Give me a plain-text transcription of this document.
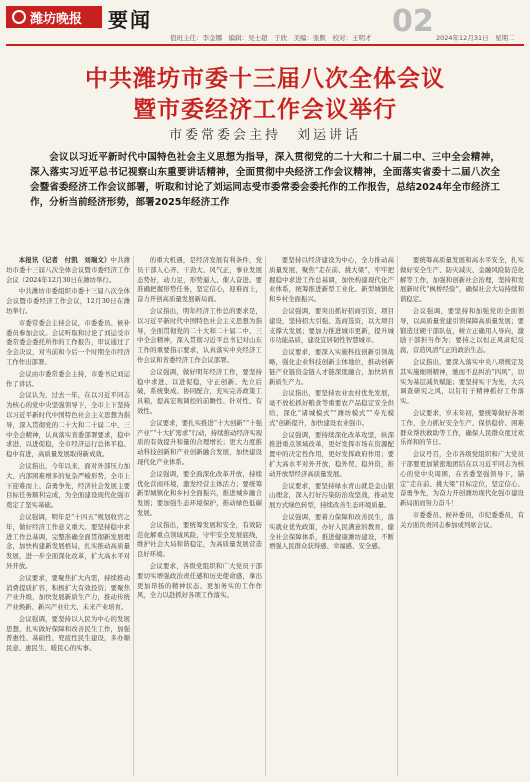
潍坊晚报 要闻	02
值班主任：李金娜　编辑：吴士超　于欣　美编：张默　校对：王明才	2024年12月31日　星期二
中共潍坊市委十三届八次全体会议
暨市委经济工作会议举行
市委常委会主持　刘运讲话
会议以习近平新时代中国特色社会主义思想为指导，深入贯彻党的二十大和二十届二中、三中全会精神，深入落实习近平总书记视察山东重要讲话精神，全面贯彻中央经济工作会议精神，全面落实省委十二届八次全会暨省委经济工作会议部署，听取和讨论了刘运同志受市委常委会委托作的工作报告，总结2024年全市经济工作，分析当前经济形势，部署2025年经济工作

本报讯（记者　付凯　刘瑞文）中共潍坊市委十三届八次全体会议暨市委经济工作会议（2024年12月30日在潍坊举行。

中共潍坊市委组织市委十三届八次全体会议暨市委经济工作会议，12月30日在潍坊举行。

市委常委会主持会议，市委委员、候补委员参加会议。会议听取和讨论了刘运受市委常委会委托所作的工作报告，审议通过了全会决议，对当前和今后一个时期全市经济工作作出部署。

会议由市委常委会主持，市委书记刘运作了讲话。

会议认为，过去一年，在以习近平同志为核心的党中央坚强领导下，全市上下坚持以习近平新时代中国特色社会主义思想为指导，深入贯彻党的二十大和二十届二中、三中全会精神，认真落实省委部署要求，稳中求进、以进促稳，全市经济运行总体平稳、稳中有进，高质量发展取得新成效。

会议指出，今年以来，面对外部压力加大、内部困难增多的复杂严峻形势，全市上下迎难而上、奋勇争先，经济社会发展主要目标任务顺利完成，为全面建设现代化强市奠定了坚实基础。

会议强调，明年是“十四五”规划收官之年，做好经济工作意义重大。要坚持稳中求进工作总基调，完整准确全面贯彻新发展理念，加快构建新发展格局，扎实推动高质量发展，进一步全面深化改革，扩大高水平对外开放。

会议要求，要聚焦扩大内需，持续推动消费提质扩容，积极扩大有效投资；要聚焦产业升级，加快发展新质生产力，推动传统产业焕新、新兴产业壮大、未来产业培育。

会议强调，要坚持以人民为中心的发展思想，扎实做好保障和改善民生工作，加强普惠性、基础性、兜底性民生建设，多办顺民意、惠民生、暖民心的实事。

的重大机遇，是经济发展有利条件，党员干部人心齐、干劲大、风气正，事业发展态势好，动力足，形势逼人、催人奋进。要准确把握形势任务，坚定信心，迎难而上，奋力开创高质量发展新局面。

会议指出，明年经济工作总的要求是，以习近平新时代中国特色社会主义思想为指导，全面贯彻党的二十大和二十届二中、三中全会精神，深入贯彻习近平总书记对山东工作的重要指示要求，认真落实中央经济工作会议和省委经济工作会议部署。

会议强调，做好明年经济工作，要坚持稳中求进、以进促稳，守正创新、先立后破，系统集成、协同配合，充实完善政策工具箱，提高宏观调控的前瞻性、针对性、有效性。

会议要求，要扎实推进“十大创新”“十强产业”“十大扩需求”行动，持续推动经济实现质的有效提升和量的合理增长；更大力度推动科技创新和产业创新融合发展，加快建设现代化产业体系。

会议强调，要全面深化改革开放，持续优化营商环境，激发经营主体活力；要统筹新型城镇化和乡村全面振兴，推进城乡融合发展；要加强生态环境保护，推动绿色低碳发展。

会议指出，要统筹发展和安全，有效防范化解重点领域风险，守牢安全发展底线，维护社会大局和谐稳定，为高质量发展营造良好环境。

会议要求，各级党组织和广大党员干部要切实增强政治责任感和历史使命感，拿出更加昂扬的精神状态、更加务实的工作作风，全力以赴抓好各项工作落实。

要坚持以经济建设为中心，全力推动高质量发展，聚焦“走在前、挑大梁”，牢牢把握稳中求进工作总基调，加快构建现代化产业体系，统筹推进新型工业化、新型城镇化和乡村全面振兴。

会议强调，要突出抓好招商引资、项目建设，坚持招大引强、选商选资，以大项目支撑大发展；要加力推进城市更新，提升城市功能品质，建设宜居韧性智慧城市。

会议要求，要深入实施科技创新引领战略，强化企业科技创新主体地位，推动创新链产业链资金链人才链深度融合，加快培育新质生产力。

会议指出，要坚持农业农村优先发展，毫不放松抓好粮食等重要农产品稳定安全供给，深化“诸城模式”“潍坊模式”“寿光模式”创新提升，加快建设农业强市。

会议强调，要持续深化改革攻坚，纵深推进重点领域改革，更好发挥市场在资源配置中的决定性作用，更好发挥政府作用；要扩大高水平对外开放，稳外贸、稳外资，推动开放型经济高质量发展。

会议要求，要坚持绿水青山就是金山银山理念，深入打好污染防治攻坚战，推动发展方式绿色转型，持续改善生态环境质量。

会议强调，要着力保障和改善民生，落实就业优先政策，办好人民满意的教育，健全社会保障体系，推进健康潍坊建设，不断增强人民群众获得感、幸福感、安全感。

要统筹高质量发展和高水平安全，扎实做好安全生产、防灾减灾、金融风险防范化解等工作，加强和创新社会治理，坚持和发展新时代“枫桥经验”，确保社会大局持续和谐稳定。

会议强调，要坚持和加强党的全面领导，以高质量党建引领保障高质量发展；要锻造过硬干部队伍，树立正确用人导向，激励干部担当作为；要持之以恒正风肃纪反腐，营造风清气正的政治生态。

会议指出，要深入落实中央八项规定及其实施细则精神，驰而不息纠治“四风”，切实为基层减负赋能；要坚持实干为先，大兴调查研究之风，以钉钉子精神抓好工作落实。

会议要求，岁末年初，要统筹做好各项工作，全力抓好安全生产、保供稳价、困难群众帮扶救助等工作，确保人民群众度过欢乐祥和的节日。

会议号召，全市各级党组织和广大党员干部要更加紧密地团结在以习近平同志为核心的党中央周围，在省委坚强领导下，锚定“走在前、挑大梁”目标定位，坚定信心、奋勇争先，为奋力开创潍坊现代化强市建设新局面而努力奋斗！

市委委员、候补委员，市纪委委员，有关方面负责同志参加或列席会议。
